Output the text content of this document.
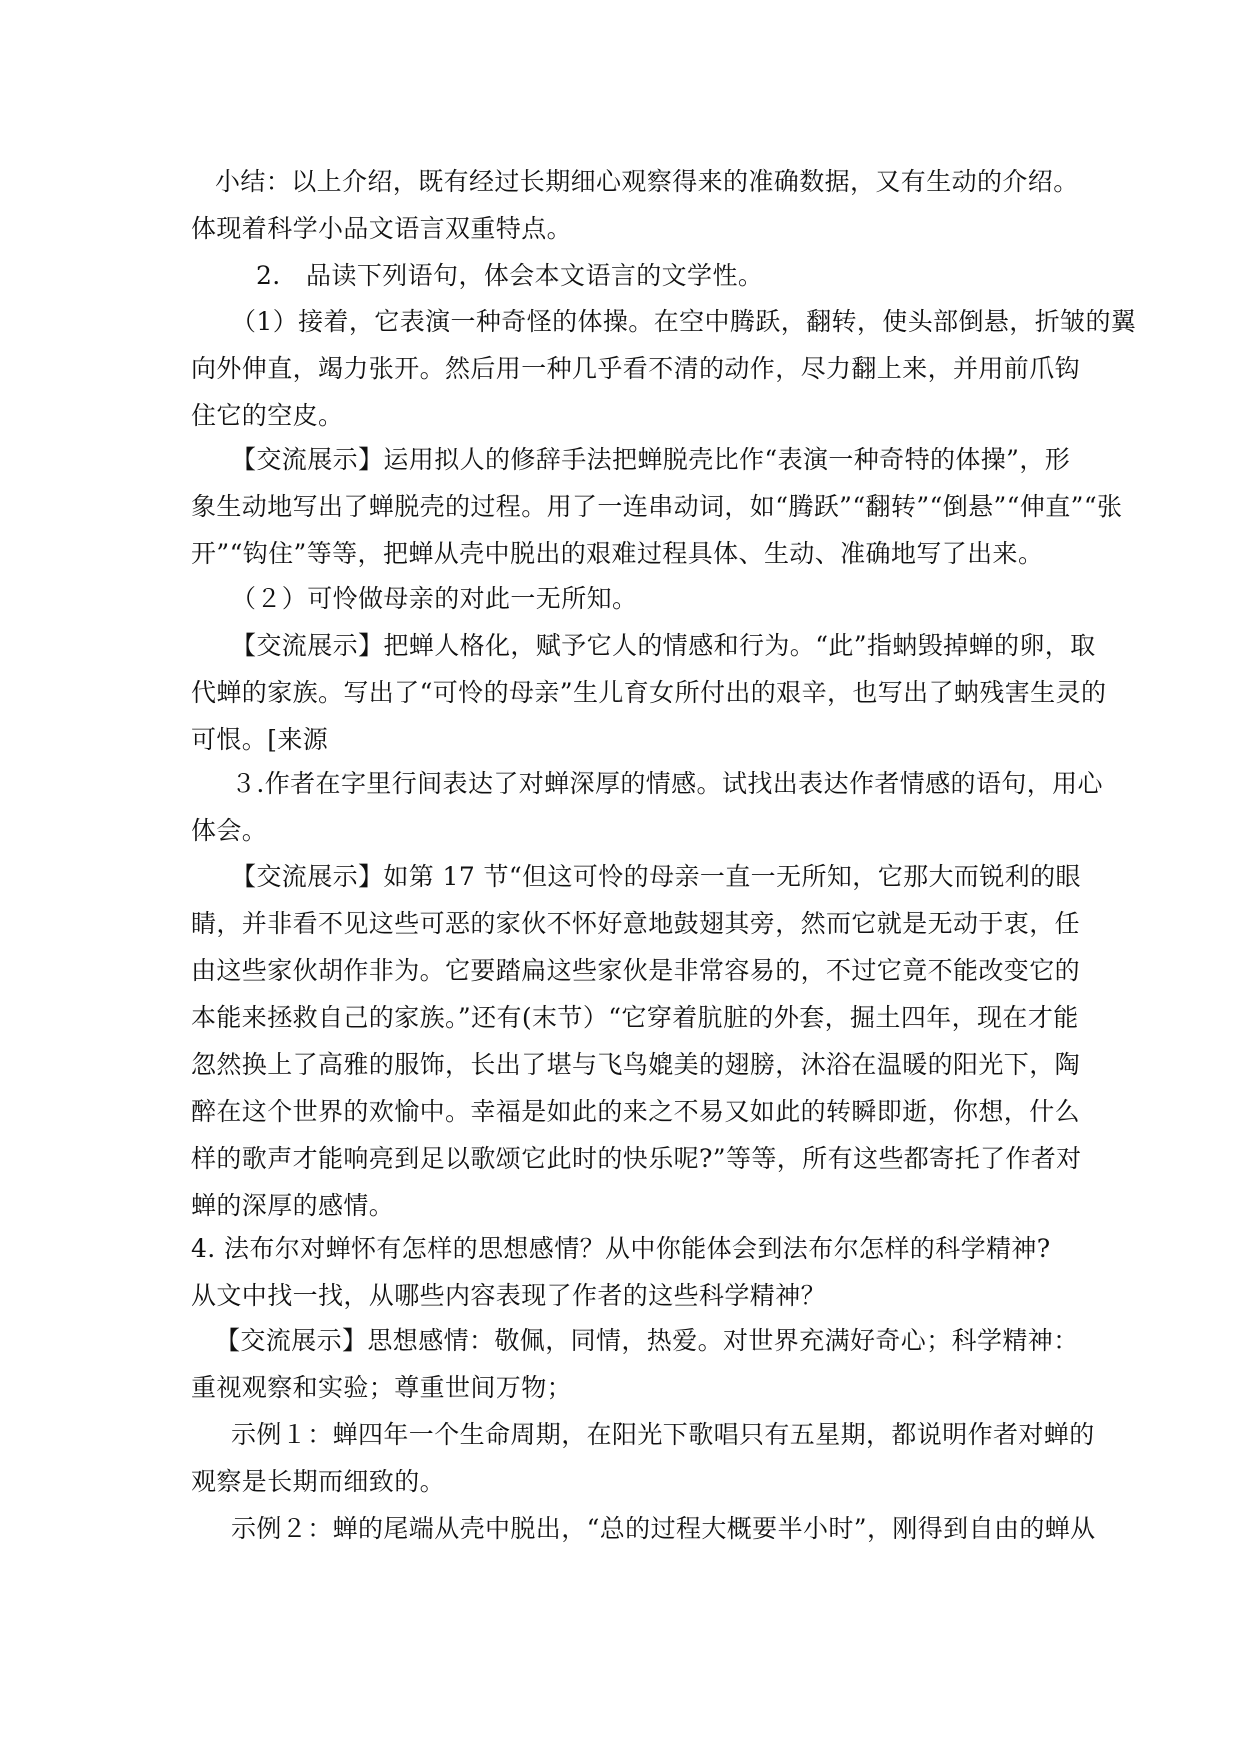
小结：以上介绍，既有经过长期细心观察得来的准确数据，又有生动的介绍。
体现着科学小品文语言双重特点。
2.　品读下列语句，体会本文语言的文学性。
（1）接着，它表演一种奇怪的体操。在空中腾跃，翻转，使头部倒悬，折皱的翼
向外伸直，竭力张开。然后用一种几乎看不清的动作，尽力翻上来，并用前爪钩
住它的空皮。
【交流展示】运用拟人的修辞手法把蝉脱壳比作“表演一种奇特的体操”，形
象生动地写出了蝉脱壳的过程。用了一连串动词，如“腾跃”“翻转”“倒悬”“伸直”“张
开”“钩住”等等，把蝉从壳中脱出的艰难过程具体、生动、准确地写了出来。
（２）可怜做母亲的对此一无所知。
【交流展示】把蝉人格化，赋予它人的情感和行为。“此”指蚋毁掉蝉的卵，取
代蝉的家族。写出了“可怜的母亲”生儿育女所付出的艰辛，也写出了蚋残害生灵的
可恨。[来源
３.作者在字里行间表达了对蝉深厚的情感。试找出表达作者情感的语句，用心
体会。
【交流展示】如第 17 节“但这可怜的母亲一直一无所知，它那大而锐利的眼
睛，并非看不见这些可恶的家伙不怀好意地鼓翅其旁，然而它就是无动于衷，任
由这些家伙胡作非为。它要踏扁这些家伙是非常容易的，不过它竟不能改变它的
本能来拯救自己的家族。”还有(末节）“它穿着肮脏的外套，掘土四年，现在才能
忽然换上了高雅的服饰，长出了堪与飞鸟媲美的翅膀，沐浴在温暖的阳光下，陶
醉在这个世界的欢愉中。幸福是如此的来之不易又如此的转瞬即逝，你想，什么
样的歌声才能响亮到足以歌颂它此时的快乐呢?”等等，所有这些都寄托了作者对
蝉的深厚的感情。
4. 法布尔对蝉怀有怎样的思想感情？从中你能体会到法布尔怎样的科学精神?
从文中找一找，从哪些内容表现了作者的这些科学精神？
【交流展示】思想感情：敬佩，同情，热爱。对世界充满好奇心；科学精神：
重视观察和实验；尊重世间万物；
示例１：蝉四年一个生命周期，在阳光下歌唱只有五星期，都说明作者对蝉的
观察是长期而细致的。
示例２：蝉的尾端从壳中脱出，“总的过程大概要半小时”，刚得到自由的蝉从
